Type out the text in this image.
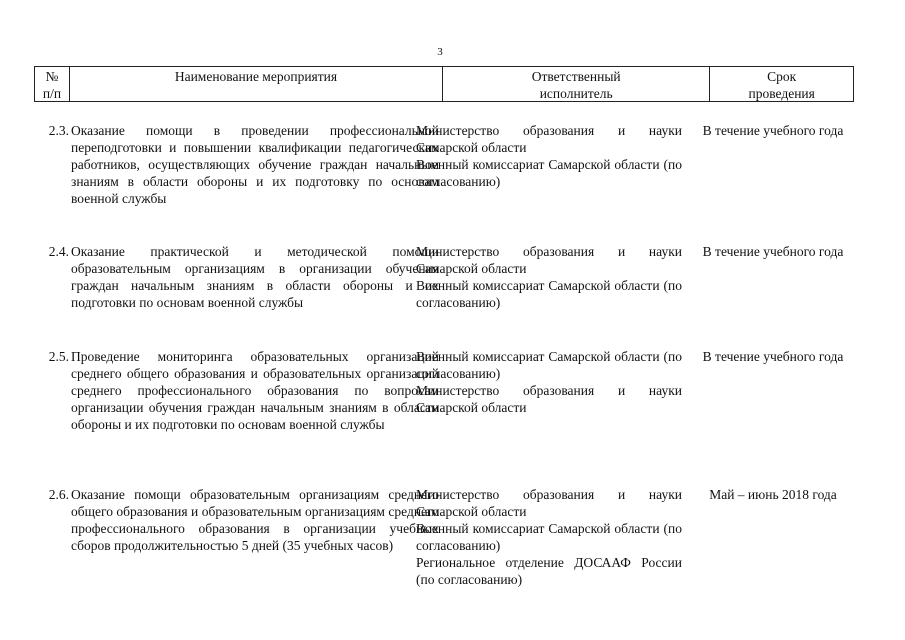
3
№
п/п
Наименование мероприятия	Ответственный
исполнитель
Срок
проведения
2.3. Оказание помощи в проведении профессиональной переподготовки и повышении квалификации педагогических работников, осуществляющих обучение граждан начальным знаниям в области обороны и их подготовку по основам военной службы

Министерство образования и науки Самарской области

Военный комиссариат Самарской области (по согласованию)

В течение учебного года
2.4. Оказание практической и методической помощи образовательным организациям в организации обучения граждан начальным знаниям в области обороны и их подготовки по основам военной службы

Министерство образования и науки Самарской области

Военный комиссариат Самарской области (по согласованию)

В течение учебного года
2.5. Проведение мониторинга образовательных организаций среднего общего образования и образовательных организаций среднего профессионального образования по вопросам организации обучения граждан начальным знаниям в области обороны и их подготовки по основам военной службы

Военный комиссариат Самарской области (по согласованию)

Министерство образования и науки Самарской области

В течение учебного года
2.6. Оказание помощи образовательным организациям среднего общего образования и образовательным организациям среднего профессионального образования в организации учебных сборов продолжительностью 5 дней (35 учебных часов)

Министерство образования и науки Самарской области

Военный комиссариат Самарской области (по согласованию)

Региональное отделение ДОСААФ России (по согласованию)

Май – июнь 2018 года
